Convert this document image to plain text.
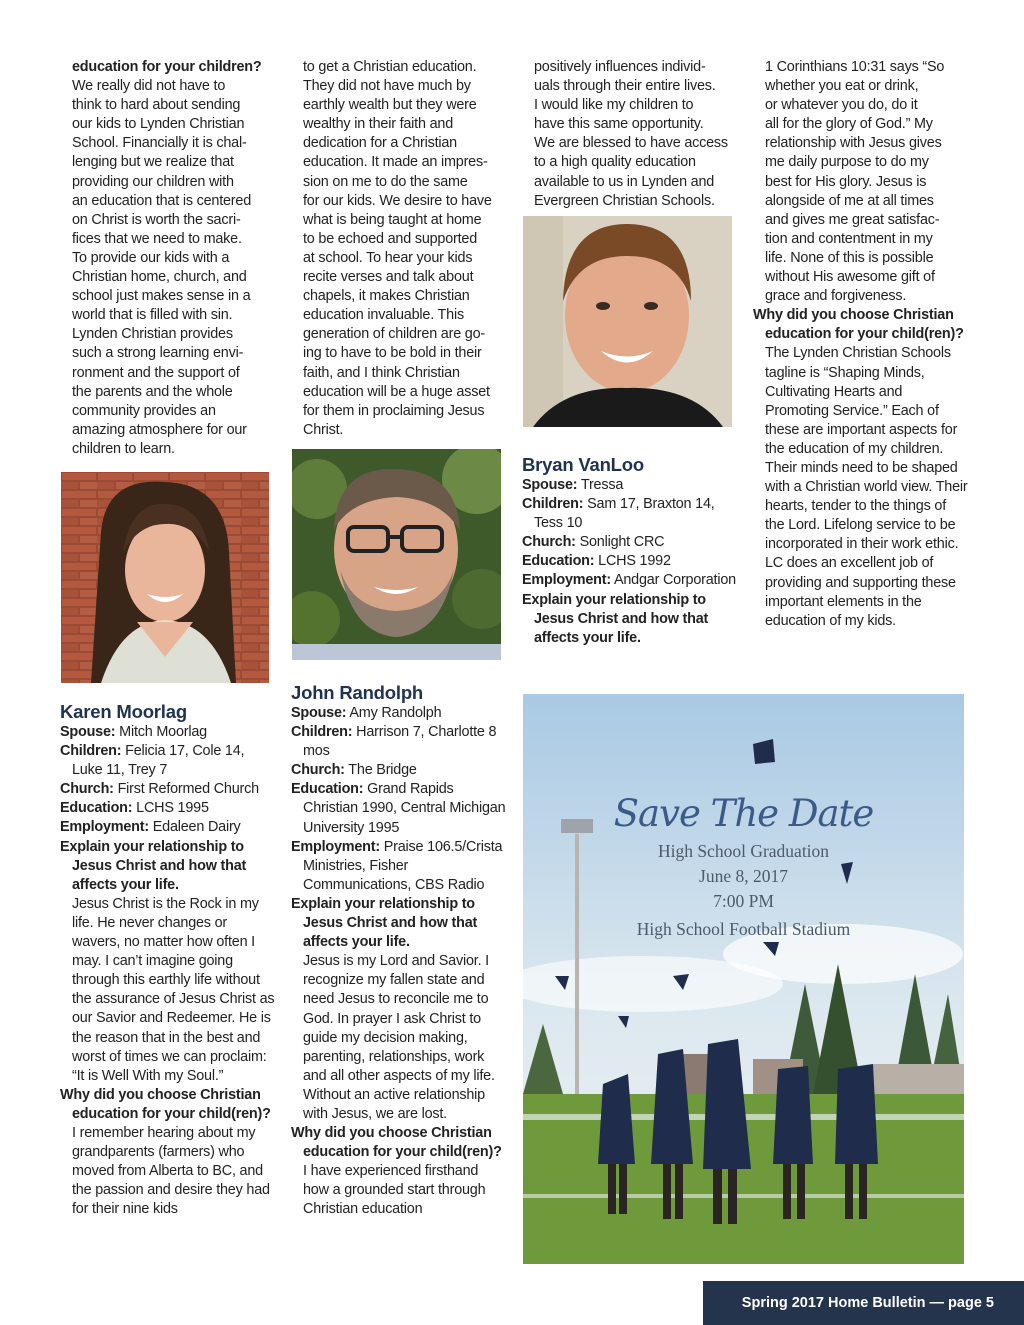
education for your children?

We really did not have to

think to hard about sending

our kids to Lynden Christian

School. Financially it is chal-

lenging but we realize that

providing our children with

an education that is centered

on Christ is worth the sacri-

fices that we need to make.

To provide our kids with a

Christian home, church, and

school just makes sense in a

world that is filled with sin.

Lynden Christian provides

such a strong learning envi-

ronment and the support of

the parents and the whole

community provides an

amazing atmosphere for our

children to learn.

Karen Moorlag

Spouse: Mitch Moorlag

Children: Felicia 17, Cole 14, Luke 11, Trey 7

Church: First Reformed Church

Education: LCHS 1995

Employment: Edaleen Dairy

Explain your relationship to Jesus Christ and how that affects your life.

Jesus Christ is the Rock in my life. He never changes or wavers, no matter how often I may. I can’t imagine going through this earthly life without the assurance of Jesus Christ as our Savior and Redeemer. He is the reason that in the best and worst of times we can proclaim: “It is Well With my Soul.”

Why did you choose Christian education for your child(ren)?

I remember hearing about my grandparents (farmers) who moved from Alberta to BC, and the passion and desire they had for their nine kids

to get a Christian education.

They did not have much by

earthly wealth but they were

wealthy in their faith and

dedication for a Christian

education. It made an impres-

sion on me to do the same

for our kids. We desire to have

what is being taught at home

to be echoed and supported

at school. To hear your kids

recite verses and talk about

chapels, it makes Christian

education invaluable. This

generation of children are go-

ing to have to be bold in their

faith, and I think Christian

education will be a huge asset

for them in proclaiming Jesus

Christ.

John Randolph

Spouse: Amy Randolph

Children: Harrison 7, Charlotte 8 mos

Church: The Bridge

Education: Grand Rapids Christian 1990, Central Michigan University 1995

Employment: Praise 106.5/Crista Ministries, Fisher Communications, CBS Radio

Explain your relationship to Jesus Christ and how that affects your life.

Jesus is my Lord and Savior. I recognize my fallen state and need Jesus to reconcile me to God. In prayer I ask Christ to guide my decision making, parenting, relationships, work and all other aspects of my life. Without an active relationship with Jesus, we are lost.

Why did you choose Christian education for your child(ren)?

I have experienced firsthand how a grounded start through Christian education

positively influences individ-

uals through their entire lives.

I would like my children to

have this same opportunity.

We are blessed to have access

to a high quality education

available to us in Lynden and

Evergreen Christian Schools.

Bryan VanLoo

Spouse: Tressa

Children: Sam 17, Braxton 14, Tess 10

Church: Sonlight CRC

Education: LCHS 1992

Employment: Andgar Corporation

Explain your relationship to Jesus Christ and how that affects your life.

1 Corinthians 10:31 says “So

whether you eat or drink,

or whatever you do, do it

all for the glory of God.” My

relationship with Jesus gives

me daily purpose to do my

best for His glory. Jesus is

alongside of me at all times

and gives me great satisfac-

tion and contentment in my

life. None of this is possible

without His awesome gift of

grace and forgiveness.

Why did you choose Christian education for your child(ren)?

The Lynden Christian Schools tagline is “Shaping Minds, Cultivating Hearts and Promoting Service.” Each of these are important aspects for the education of my children. Their minds need to be shaped with a Christian world view. Their hearts, tender to the things of the Lord. Lifelong service to be incorporated in their work ethic. LC does an excellent job of providing and supporting these important elements in the education of my kids.

Save The Date
High School Graduation
June 8, 2017
7:00 PM
High School Football Stadium
Spring 2017 Home Bulletin — page 5
